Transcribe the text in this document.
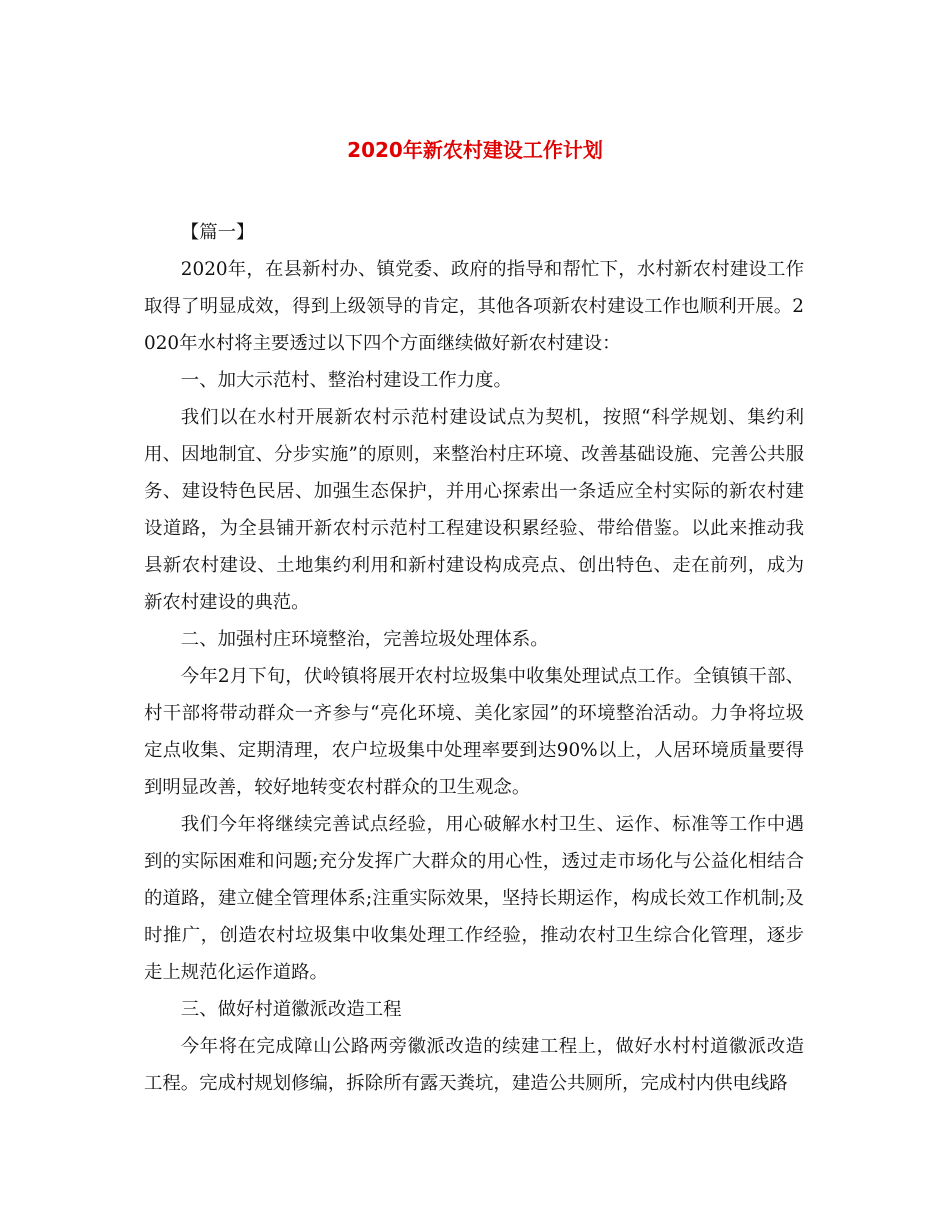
2020年新农村建设工作计划

【篇一】

2020年，在县新村办、镇党委、政府的指导和帮忙下，水村新农村建设工作取得了明显成效，得到上级领导的肯定，其他各项新农村建设工作也顺利开展。2020年水村将主要透过以下四个方面继续做好新农村建设：

一、加大示范村、整治村建设工作力度。

我们以在水村开展新农村示范村建设试点为契机，按照“科学规划、集约利用、因地制宜、分步实施”的原则，来整治村庄环境、改善基础设施、完善公共服务、建设特色民居、加强生态保护，并用心探索出一条适应全村实际的新农村建设道路，为全县铺开新农村示范村工程建设积累经验、带给借鉴。以此来推动我县新农村建设、土地集约利用和新村建设构成亮点、创出特色、走在前列，成为新农村建设的典范。

二、加强村庄环境整治，完善垃圾处理体系。

今年2月下旬，伏岭镇将展开农村垃圾集中收集处理试点工作。全镇镇干部、村干部将带动群众一齐参与“亮化环境、美化家园”的环境整治活动。力争将垃圾定点收集、定期清理，农户垃圾集中处理率要到达90%以上，人居环境质量要得到明显改善，较好地转变农村群众的卫生观念。

我们今年将继续完善试点经验，用心破解水村卫生、运作、标准等工作中遇到的实际困难和问题;充分发挥广大群众的用心性，透过走市场化与公益化相结合的道路，建立健全管理体系;注重实际效果，坚持长期运作，构成长效工作机制;及时推广，创造农村垃圾集中收集处理工作经验，推动农村卫生综合化管理，逐步走上规范化运作道路。

三、做好村道徽派改造工程

今年将在完成障山公路两旁徽派改造的续建工程上，做好水村村道徽派改造工程。完成村规划修编，拆除所有露天粪坑，建造公共厕所，完成村内供电线路
